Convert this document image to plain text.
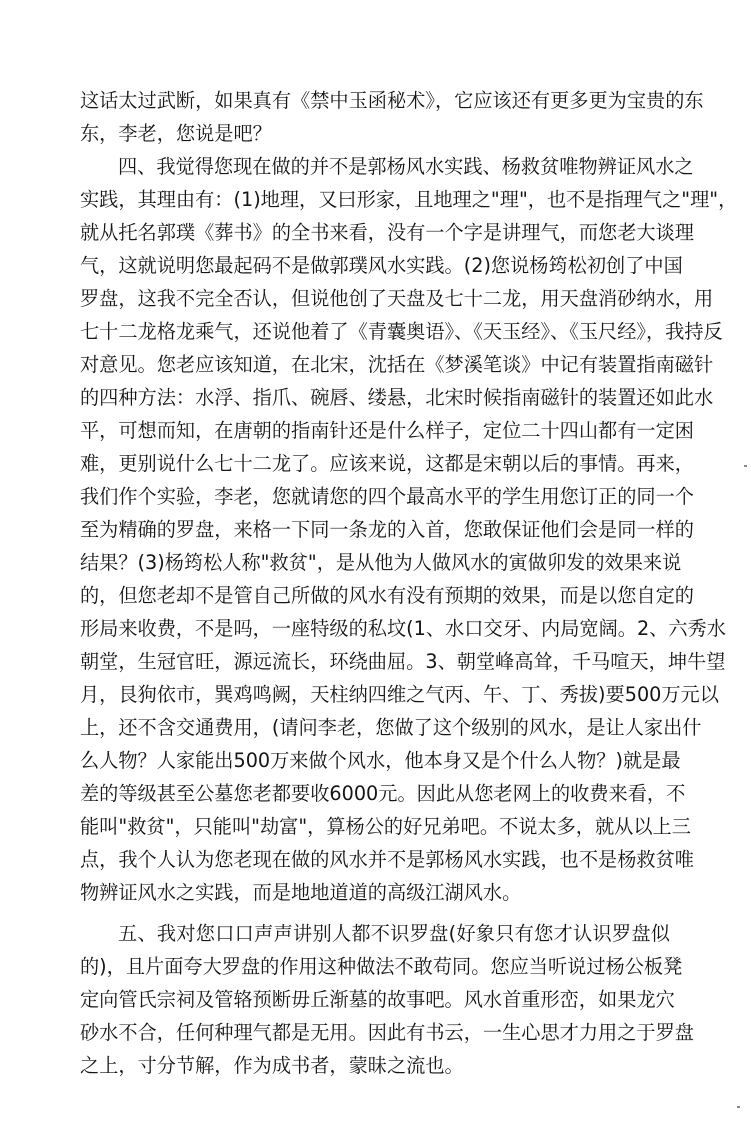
这话太过武断，如果真有《禁中玉函秘术》，它应该还有更多更为宝贵的东
东，李老，您说是吧？
四、我觉得您现在做的并不是郭杨风水实践、杨救贫唯物辨证风水之
实践，其理由有：(1)地理，又曰形家，且地理之"理"，也不是指理气之"理"，
就从托名郭璞《葬书》的全书来看，没有一个字是讲理气，而您老大谈理
气，这就说明您最起码不是做郭璞风水实践。(2)您说杨筠松初创了中国
罗盘，这我不完全否认，但说他创了天盘及七十二龙，用天盘消砂纳水，用
七十二龙格龙乘气，还说他着了《青囊奥语》、《天玉经》、《玉尺经》，我持反
对意见。您老应该知道，在北宋，沈括在《梦溪笔谈》中记有装置指南磁针
的四种方法：水浮、指爪、碗唇、缕悬，北宋时候指南磁针的装置还如此水
平，可想而知，在唐朝的指南针还是什么样子，定位二十四山都有一定困
难，更别说什么七十二龙了。应该来说，这都是宋朝以后的事情。再来，
我们作个实验，李老，您就请您的四个最高水平的学生用您订正的同一个
至为精确的罗盘，来格一下同一条龙的入首，您敢保证他们会是同一样的
结果？(3)杨筠松人称"救贫"，是从他为人做风水的寅做卯发的效果来说
的，但您老却不是管自己所做的风水有没有预期的效果，而是以您自定的
形局来收费，不是吗，一座特级的私坟(1、水口交牙、内局宽阔。2、六秀水
朝堂，生冠官旺，源远流长，环绕曲屈。3、朝堂峰高耸，千马喧天，坤牛望
月，艮狗依市，巽鸡鸣阙，天柱纳四维之气丙、午、丁、秀拔)要500万元以
上，还不含交通费用，(请问李老，您做了这个级别的风水，是让人家出什
么人物？人家能出500万来做个风水，他本身又是个什么人物？)就是最
差的等级甚至公墓您老都要收6000元。因此从您老网上的收费来看，不
能叫"救贫"，只能叫"劫富"，算杨公的好兄弟吧。不说太多，就从以上三
点，我个人认为您老现在做的风水并不是郭杨风水实践，也不是杨救贫唯
物辨证风水之实践，而是地地道道的高级江湖风水。
五、我对您口口声声讲别人都不识罗盘(好象只有您才认识罗盘似
的)，且片面夸大罗盘的作用这种做法不敢苟同。您应当听说过杨公板凳
定向管氏宗祠及管辂预断毋丘渐墓的故事吧。风水首重形峦，如果龙穴
砂水不合，任何种理气都是无用。因此有书云，一生心思才力用之于罗盘
之上，寸分节解，作为成书者，蒙昧之流也。
